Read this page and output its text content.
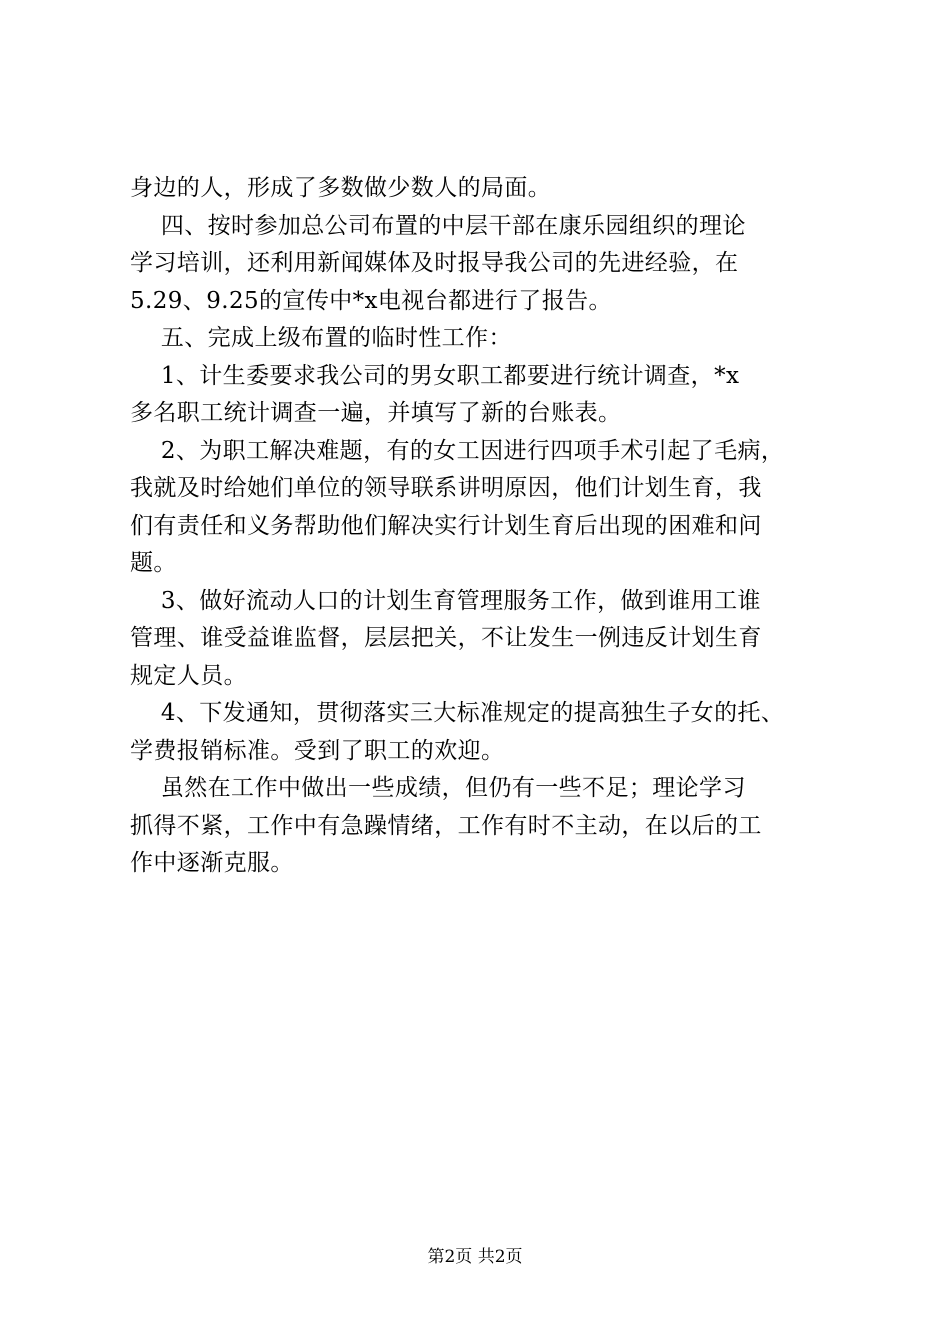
身边的人，形成了多数做少数人的局面。
四、按时参加总公司布置的中层干部在康乐园组织的理论
学习培训，还利用新闻媒体及时报导我公司的先进经验，在
5.29、9.25的宣传中*x电视台都进行了报告。
五、完成上级布置的临时性工作：
1、计生委要求我公司的男女职工都要进行统计调查，*x
多名职工统计调查一遍，并填写了新的台账表。
2、为职工解决难题，有的女工因进行四项手术引起了毛病，
我就及时给她们单位的领导联系讲明原因，他们计划生育，我
们有责任和义务帮助他们解决实行计划生育后出现的困难和问
题。
3、做好流动人口的计划生育管理服务工作，做到谁用工谁
管理、谁受益谁监督，层层把关，不让发生一例违反计划生育
规定人员。
4、下发通知，贯彻落实三大标准规定的提高独生子女的托、
学费报销标准。受到了职工的欢迎。
虽然在工作中做出一些成绩，但仍有一些不足；理论学习
抓得不紧，工作中有急躁情绪，工作有时不主动，在以后的工
作中逐渐克服。
第2页 共2页
